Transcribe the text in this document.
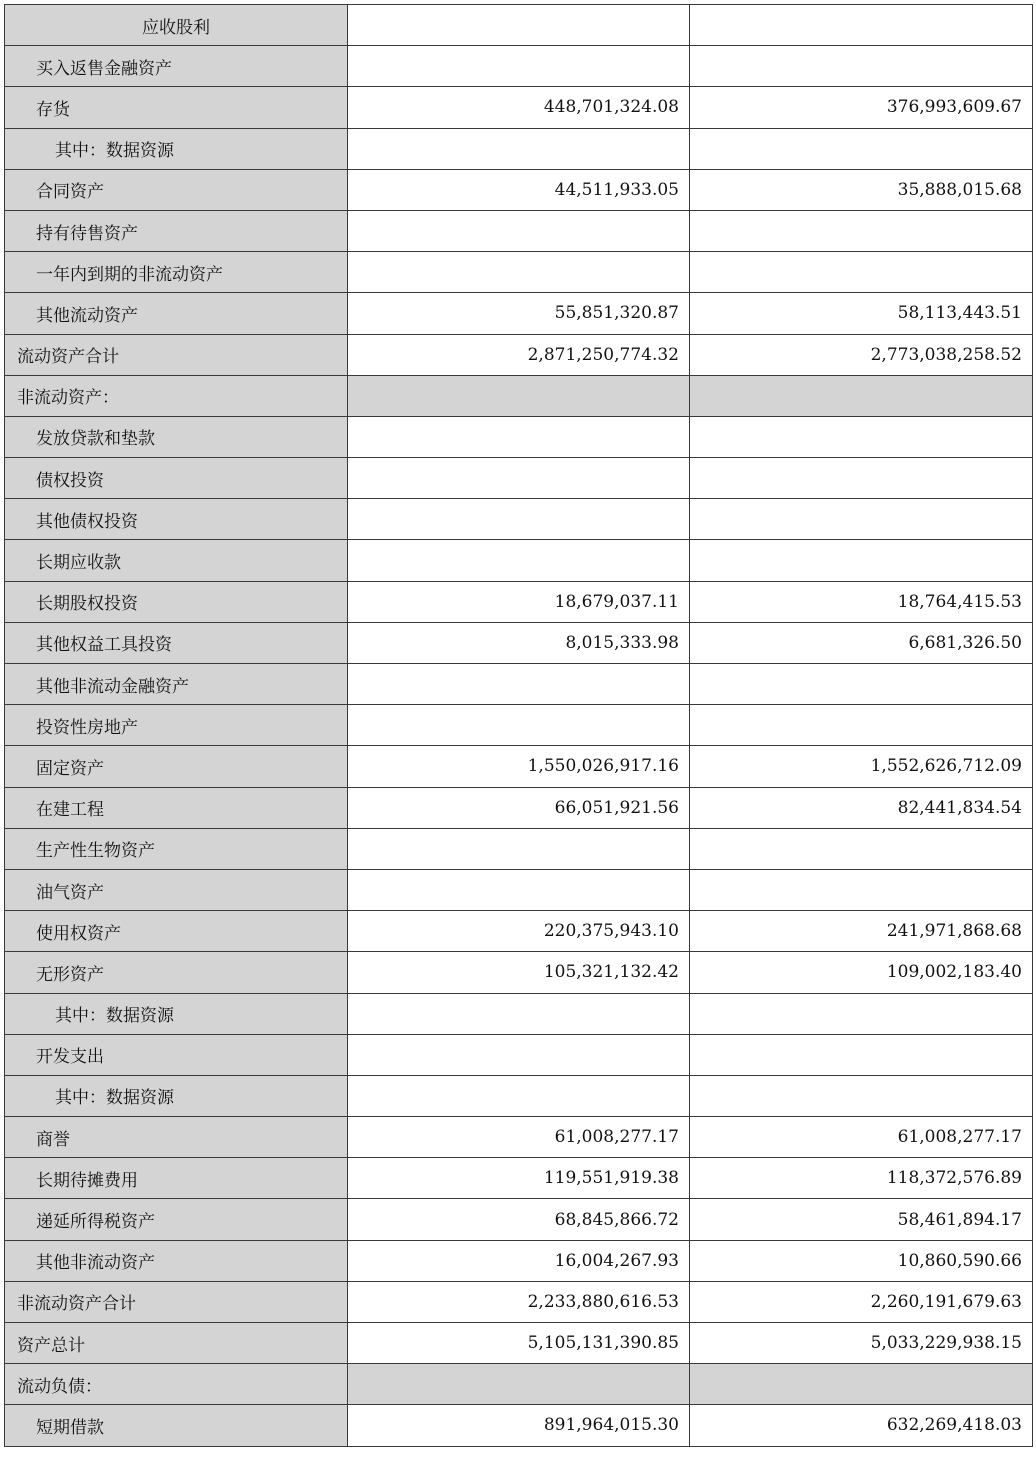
应收股利		
买入返售金融资产		
存货	448,701,324.08	376,993,609.67
其中：数据资源		
合同资产	44,511,933.05	35,888,015.68
持有待售资产		
一年内到期的非流动资产		
其他流动资产	55,851,320.87	58,113,443.51
流动资产合计	2,871,250,774.32	2,773,038,258.52
非流动资产：		
发放贷款和垫款		
债权投资		
其他债权投资		
长期应收款		
长期股权投资	18,679,037.11	18,764,415.53
其他权益工具投资	8,015,333.98	6,681,326.50
其他非流动金融资产		
投资性房地产		
固定资产	1,550,026,917.16	1,552,626,712.09
在建工程	66,051,921.56	82,441,834.54
生产性生物资产		
油气资产		
使用权资产	220,375,943.10	241,971,868.68
无形资产	105,321,132.42	109,002,183.40
其中：数据资源		
开发支出		
其中：数据资源		
商誉	61,008,277.17	61,008,277.17
长期待摊费用	119,551,919.38	118,372,576.89
递延所得税资产	68,845,866.72	58,461,894.17
其他非流动资产	16,004,267.93	10,860,590.66
非流动资产合计	2,233,880,616.53	2,260,191,679.63
资产总计	5,105,131,390.85	5,033,229,938.15
流动负债：		
短期借款	891,964,015.30	632,269,418.03
